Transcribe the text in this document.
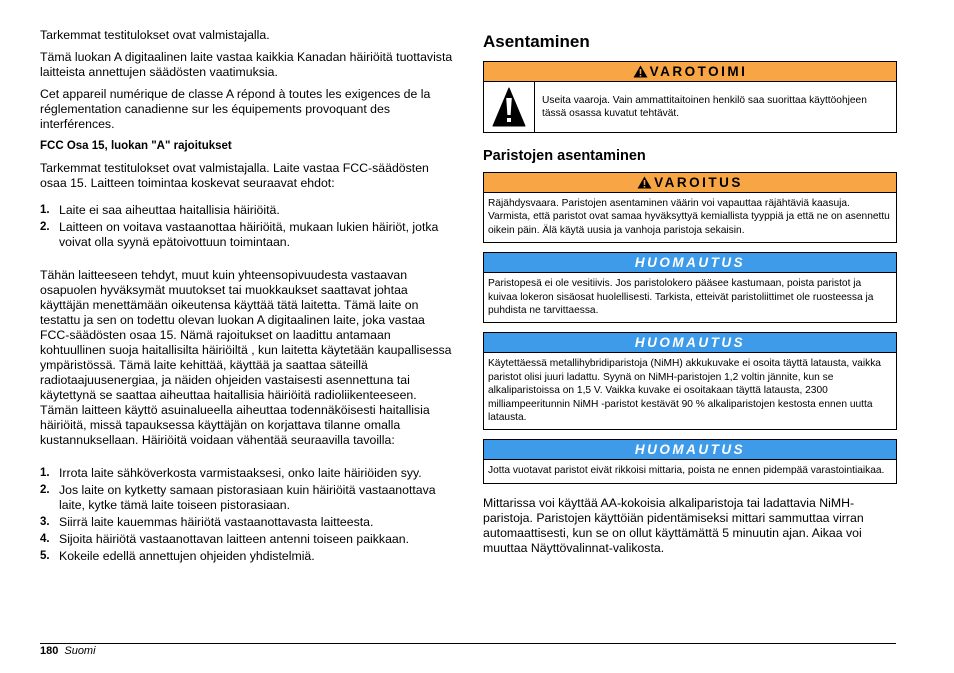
Tarkemmat testitulokset ovat valmistajalla.

Tämä luokan A digitaalinen laite vastaa kaikkia Kanadan häiriöitä tuottavista laitteista annettujen säädösten vaatimuksia.

Cet appareil numérique de classe A répond à toutes les exigences de la réglementation canadienne sur les équipements provoquant des interférences.

FCC Osa 15, luokan "A" rajoitukset

Tarkemmat testitulokset ovat valmistajalla. Laite vastaa FCC-säädösten osaa 15. Laitteen toimintaa koskevat seuraavat ehdot:

1. Laite ei saa aiheuttaa haitallisia häiriöitä.
2. Laitteen on voitava vastaanottaa häiriöitä, mukaan lukien häiriöt, jotka voivat olla syynä epätoivottuun toimintaan.

Tähän laitteeseen tehdyt, muut kuin yhteensopivuudesta vastaavan osapuolen hyväksymät muutokset tai muokkaukset saattavat johtaa käyttäjän menettämään oikeutensa käyttää tätä laitetta. Tämä laite on testattu ja sen on todettu olevan luokan A digitaalinen laite, joka vastaa FCC-säädösten osaa 15. Nämä rajoitukset on laadittu antamaan kohtuullinen suoja haitallisilta häiriöiltä , kun laitetta käytetään kaupallisessa ympäristössä. Tämä laite kehittää, käyttää ja saattaa säteillä radiotaajuusenergiaa, ja näiden ohjeiden vastaisesti asennettuna tai käytettynä se saattaa aiheuttaa haitallisia häiriöitä radioliikenteeseen. Tämän laitteen käyttö asuinalueella aiheuttaa todennäköisesti haitallisia häiriöitä, missä tapauksessa käyttäjän on korjattava tilanne omalla kustannuksellaan. Häiriöitä voidaan vähentää seuraavilla tavoilla:

1. Irrota laite sähköverkosta varmistaaksesi, onko laite häiriöiden syy.
2. Jos laite on kytketty samaan pistorasiaan kuin häiriöitä vastaanottava laite, kytke tämä laite toiseen pistorasiaan.
3. Siirrä laite kauemmas häiriötä vastaanottavasta laitteesta.
4. Sijoita häiriötä vastaanottavan laitteen antenni toiseen paikkaan.
5. Kokeile edellä annettujen ohjeiden yhdistelmiä.
Asentaminen
VAROTOIMI
Useita vaaroja. Vain ammattitaitoinen henkilö saa suorittaa käyttöohjeen tässä osassa kuvatut tehtävät.
Paristojen asentaminen
VAROITUS
Räjähdysvaara. Paristojen asentaminen väärin voi vapauttaa räjähtäviä kaasuja. Varmista, että paristot ovat samaa hyväksyttyä kemiallista tyyppiä ja että ne on asennettu oikein päin. Älä käytä uusia ja vanhoja paristoja sekaisin.
HUOMAUTUS
Paristopesä ei ole vesitiivis. Jos paristolokero pääsee kastumaan, poista paristot ja kuivaa lokeron sisäosat huolellisesti. Tarkista, etteivät paristoliittimet ole ruosteessa ja puhdista ne tarvittaessa.
HUOMAUTUS
Käytettäessä metallihybridiparistoja (NiMH) akkukuvake ei osoita täyttä latausta, vaikka paristot olisi juuri ladattu. Syynä on NiMH-paristojen 1,2 voltin jännite, kun se alkaliparistoissa on 1,5 V. Vaikka kuvake ei osoitakaan täyttä latausta, 2300 milliampeeritunnin NiMH -paristot kestävät 90 % alkaliparistojen kestosta ennen uutta latausta.
HUOMAUTUS
Jotta vuotavat paristot eivät rikkoisi mittaria, poista ne ennen pidempää varastointiaikaa.

Mittarissa voi käyttää AA-kokoisia alkaliparistoja tai ladattavia NiMH-paristoja. Paristojen käyttöiän pidentämiseksi mittari sammuttaa virran automaattisesti, kun se on ollut käyttämättä 5 minuutin ajan. Aikaa voi muuttaa Näyttövalinnat-valikosta.

180 Suomi
